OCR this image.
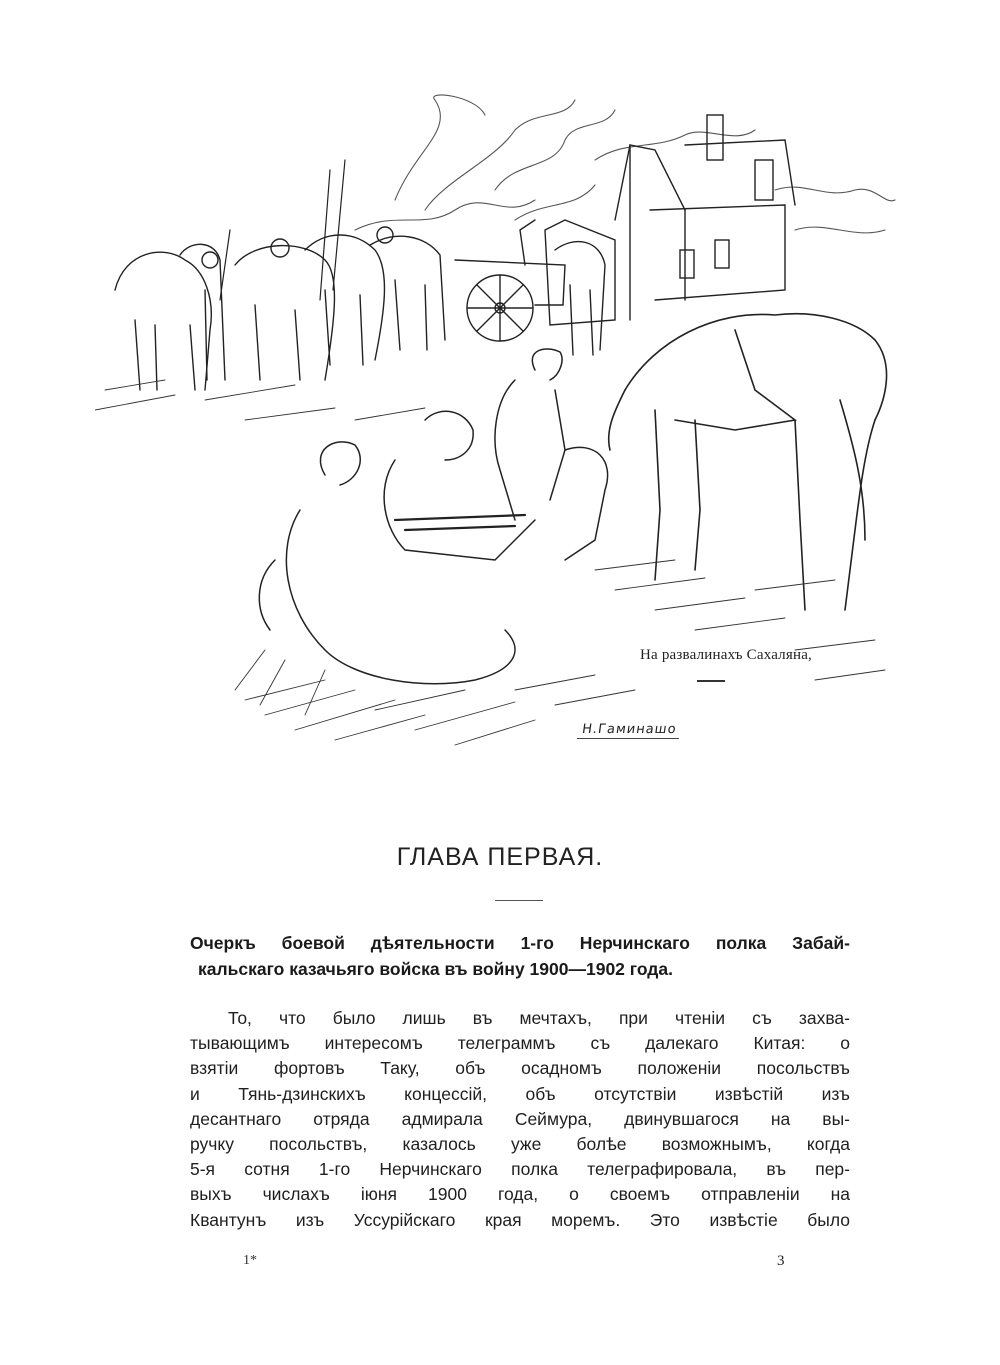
На развалинахъ Сахаляна,
Н.Гаминашо
ГЛАВА ПЕРВАЯ.
Очеркъ боевой дѣятельности 1-го Нерчинскаго полка Забай-
кальскаго казачьяго войска въ войну 1900—1902 года.
То, что было лишь въ мечтахъ, при чтенiи съ захва-
тывающимъ интересомъ телеграммъ съ далекаго Китая: о
взятiи фортовъ Таку, объ осадномъ положенiи посольствъ
и Тянь-дзинскихъ концессiй, объ отсутствiи извѣстiй изъ
десантнаго отряда адмирала Сеймура, двинувшагося на вы-
ручку посольствъ, казалось уже болѣе возможнымъ, когда
5-я сотня 1-го Нерчинскаго полка телеграфировала, въ пер-
выхъ числахъ iюня 1900 года, о своемъ отправленiи на
Квантунъ изъ Уссурiйскаго края моремъ. Это извѣстiе было
1*	3
